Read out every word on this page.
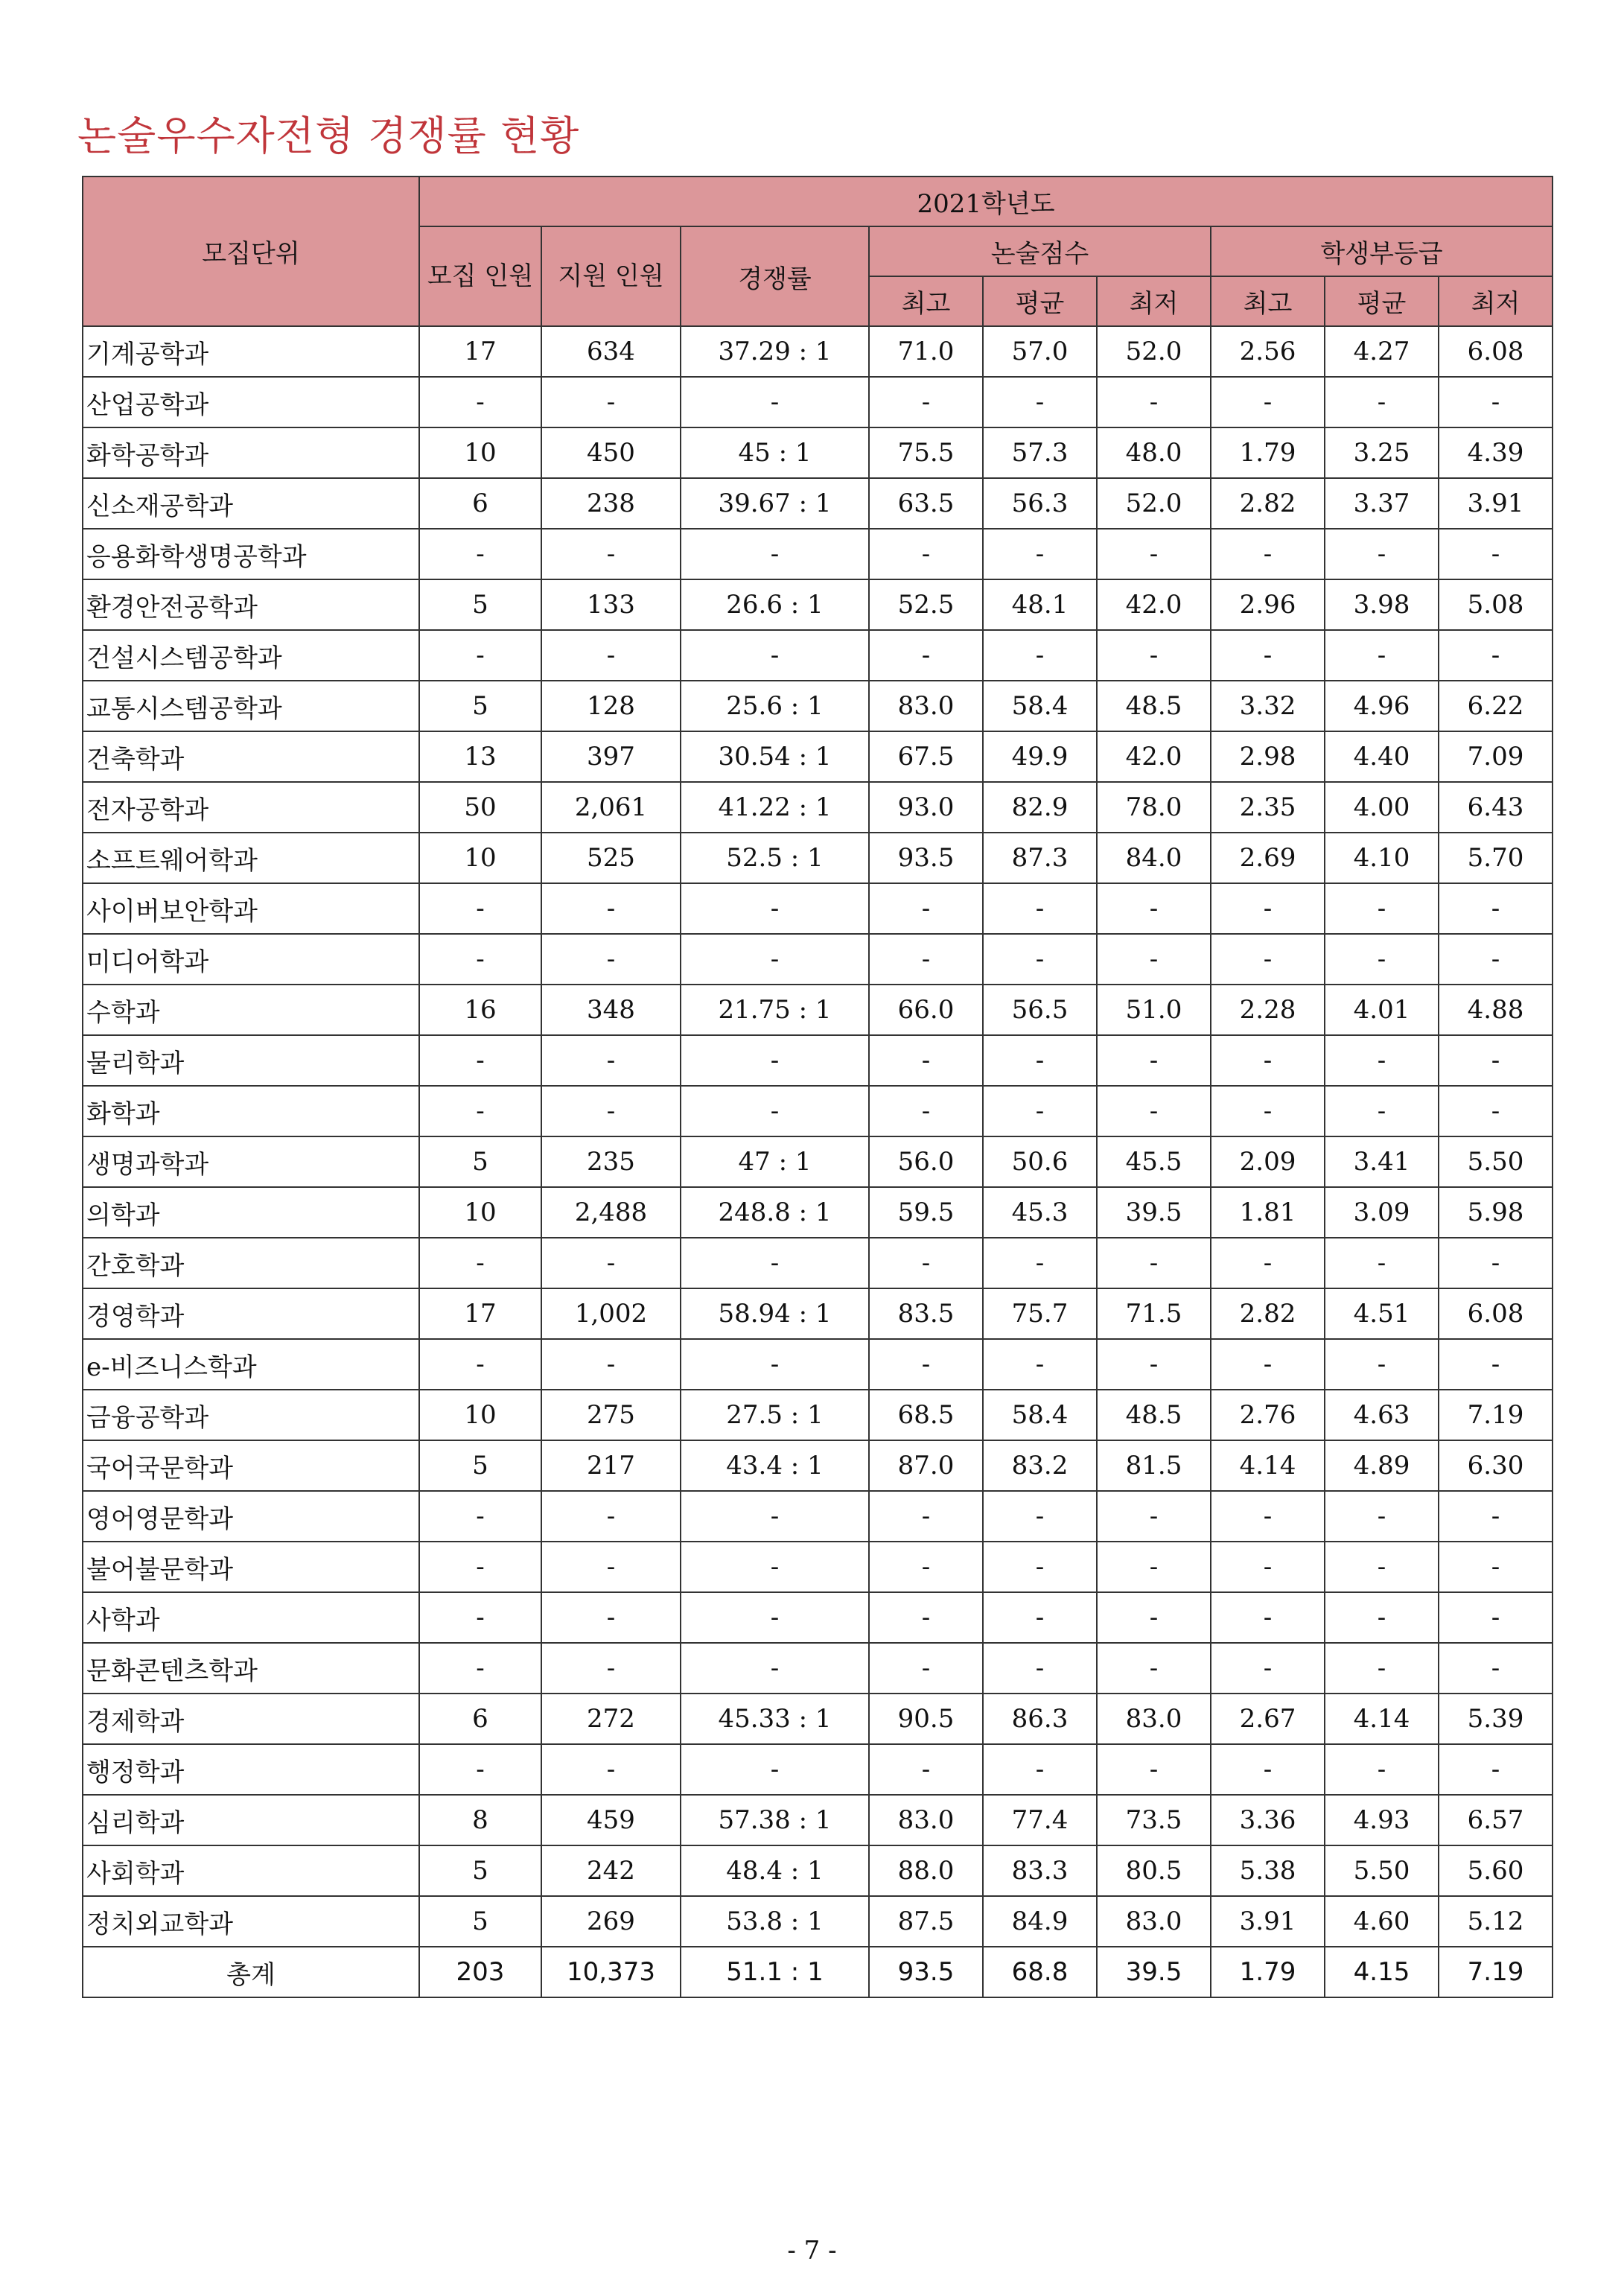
논술우수자전형 경쟁률 현황
모집단위	2021학년도								
	모집 인원	지원 인원	경쟁률	논술점수			학생부등급		
				최고	평균	최저	최고	평균	최저
기계공학과	17	634	37.29 : 1	71.0	57.0	52.0	2.56	4.27	6.08
산업공학과	-	-	-	-	-	-	-	-	-
화학공학과	10	450	45 : 1	75.5	57.3	48.0	1.79	3.25	4.39
신소재공학과	6	238	39.67 : 1	63.5	56.3	52.0	2.82	3.37	3.91
응용화학생명공학과	-	-	-	-	-	-	-	-	-
환경안전공학과	5	133	26.6 : 1	52.5	48.1	42.0	2.96	3.98	5.08
건설시스템공학과	-	-	-	-	-	-	-	-	-
교통시스템공학과	5	128	25.6 : 1	83.0	58.4	48.5	3.32	4.96	6.22
건축학과	13	397	30.54 : 1	67.5	49.9	42.0	2.98	4.40	7.09
전자공학과	50	2,061	41.22 : 1	93.0	82.9	78.0	2.35	4.00	6.43
소프트웨어학과	10	525	52.5 : 1	93.5	87.3	84.0	2.69	4.10	5.70
사이버보안학과	-	-	-	-	-	-	-	-	-
미디어학과	-	-	-	-	-	-	-	-	-
수학과	16	348	21.75 : 1	66.0	56.5	51.0	2.28	4.01	4.88
물리학과	-	-	-	-	-	-	-	-	-
화학과	-	-	-	-	-	-	-	-	-
생명과학과	5	235	47 : 1	56.0	50.6	45.5	2.09	3.41	5.50
의학과	10	2,488	248.8 : 1	59.5	45.3	39.5	1.81	3.09	5.98
간호학과	-	-	-	-	-	-	-	-	-
경영학과	17	1,002	58.94 : 1	83.5	75.7	71.5	2.82	4.51	6.08
e-비즈니스학과	-	-	-	-	-	-	-	-	-
금융공학과	10	275	27.5 : 1	68.5	58.4	48.5	2.76	4.63	7.19
국어국문학과	5	217	43.4 : 1	87.0	83.2	81.5	4.14	4.89	6.30
영어영문학과	-	-	-	-	-	-	-	-	-
불어불문학과	-	-	-	-	-	-	-	-	-
사학과	-	-	-	-	-	-	-	-	-
문화콘텐츠학과	-	-	-	-	-	-	-	-	-
경제학과	6	272	45.33 : 1	90.5	86.3	83.0	2.67	4.14	5.39
행정학과	-	-	-	-	-	-	-	-	-
심리학과	8	459	57.38 : 1	83.0	77.4	73.5	3.36	4.93	6.57
사회학과	5	242	48.4 : 1	88.0	83.3	80.5	5.38	5.50	5.60
정치외교학과	5	269	53.8 : 1	87.5	84.9	83.0	3.91	4.60	5.12
총계	203	10,373	51.1 : 1	93.5	68.8	39.5	1.79	4.15	7.19
- 7 -
